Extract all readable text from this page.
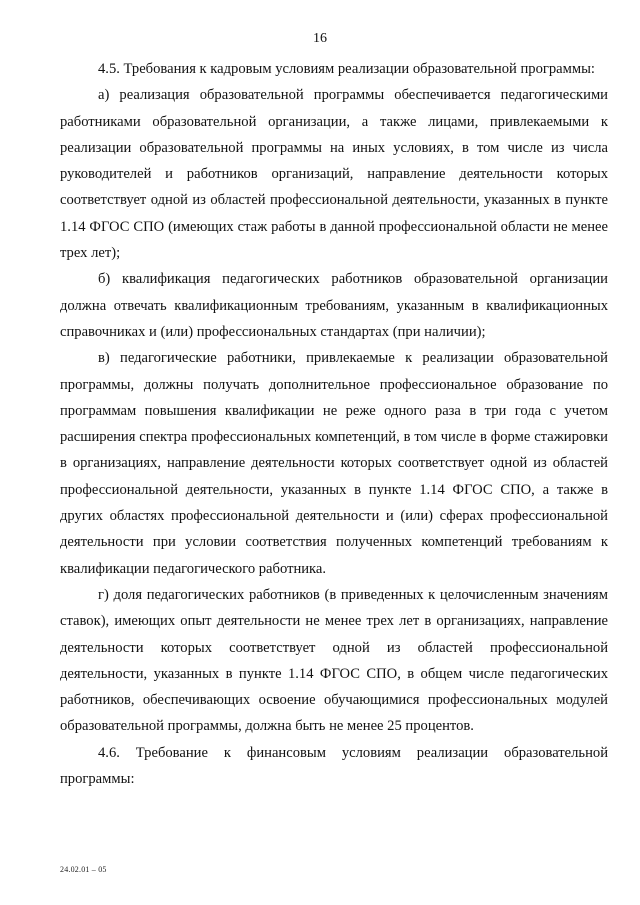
16

4.5. Требования к кадровым условиям реализации образовательной программы:

а) реализация образовательной программы обеспечивается педагогическими работниками образовательной организации, а также лицами, привлекаемыми к реализации образовательной программы на иных условиях, в том числе из числа руководителей и работников организаций, направление деятельности которых соответствует одной из областей профессиональной деятельности, указанных в пункте 1.14 ФГОС СПО (имеющих стаж работы в данной профессиональной области не менее трех лет);

б) квалификация педагогических работников образовательной организации должна отвечать квалификационным требованиям, указанным в квалификационных справочниках и (или) профессиональных стандартах (при наличии);

в) педагогические работники, привлекаемые к реализации образовательной программы, должны получать дополнительное профессиональное образование по программам повышения квалификации не реже одного раза в три года с учетом расширения спектра профессиональных компетенций, в том числе в форме стажировки в организациях, направление деятельности которых соответствует одной из областей профессиональной деятельности, указанных в пункте 1.14 ФГОС СПО, а также в других областях профессиональной деятельности и (или) сферах профессиональной деятельности при условии соответствия полученных компетенций требованиям к квалификации педагогического работника.

г) доля педагогических работников (в приведенных к целочисленным значениям ставок), имеющих опыт деятельности не менее трех лет в организациях, направление деятельности которых соответствует одной из областей профессиональной деятельности, указанных в пункте 1.14 ФГОС СПО, в общем числе педагогических работников, обеспечивающих освоение обучающимися профессиональных модулей образовательной программы, должна быть не менее 25 процентов.

4.6. Требование к финансовым условиям реализации образовательной программы:

24.02.01 – 05
